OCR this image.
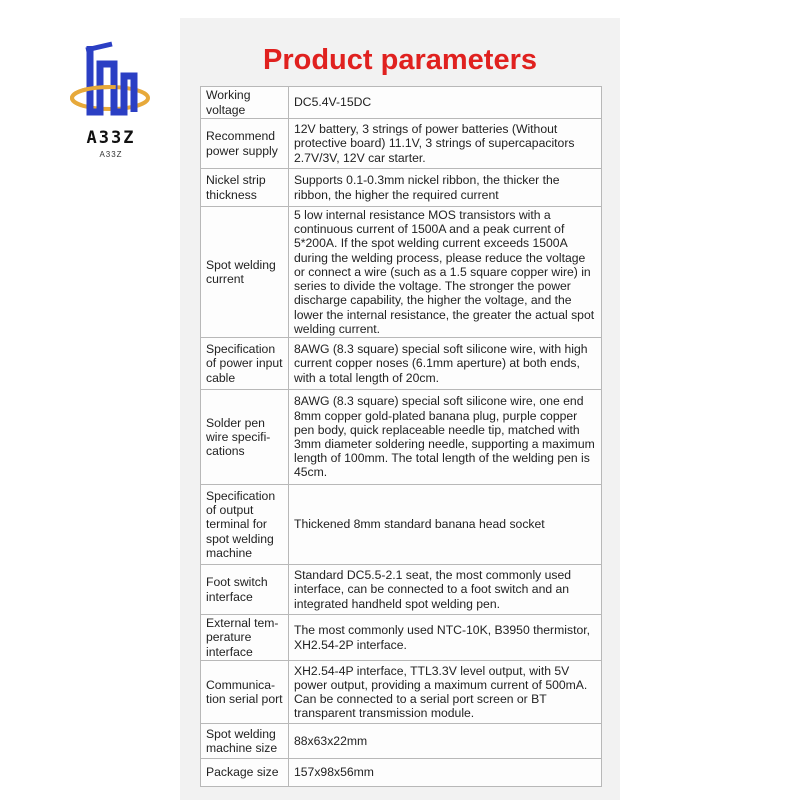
A33Z
A33Z
Product parameters
Working voltage	DC5.4V-15DC
Recommend power supply	12V battery, 3 strings of power batteries (Without protective board) 11.1V, 3 strings of supercapacitors 2.7V/3V, 12V car starter.
Nickel strip thickness	Supports 0.1-0.3mm nickel ribbon, the thicker the ribbon, the higher the required current
Spot welding current	5 low internal resistance MOS transistors with a continuous current of 1500A and a peak current of 5*200A. If the spot welding current exceeds 1500A during the welding process, please reduce the voltage or connect a wire (such as a 1.5 square copper wire) in series to divide the voltage. The stronger the power discharge capability, the higher the voltage, and the lower the internal resistance, the greater the actual spot welding current.
Specification of power input cable	8AWG (8.3 square) special soft silicone wire, with high current copper noses (6.1mm aperture) at both ends, with a total length of 20cm.
Solder pen wire specifi-cations	8AWG (8.3 square) special soft silicone wire, one end 8mm copper gold-plated banana plug, purple copper pen body, quick replaceable needle tip, matched with 3mm diameter soldering needle, supporting a maximum length of 100mm. The total length of the welding pen is 45cm.
Specification of output terminal for spot welding machine	Thickened 8mm standard banana head socket
Foot switch interface	Standard DC5.5-2.1 seat, the most commonly used interface, can be connected to a foot switch and an integrated handheld spot welding pen.
External tem-perature interface	The most commonly used NTC-10K, B3950 thermistor, XH2.54-2P interface.
Communica-tion serial port	XH2.54-4P interface, TTL3.3V level output, with 5V power output, providing a maximum current of 500mA. Can be connected to a serial port screen or BT transparent transmission module.
Spot welding machine size	88x63x22mm
Package size	157x98x56mm
